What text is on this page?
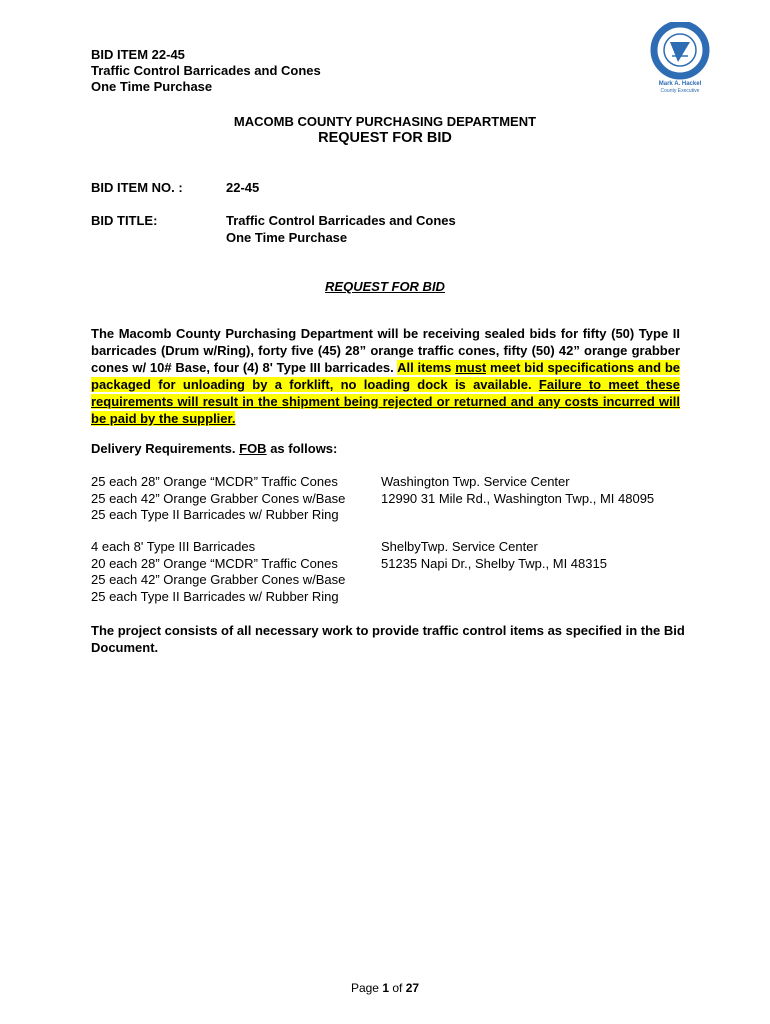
BID ITEM 22-45
Traffic Control Barricades and Cones
One Time Purchase	Mark A. Hackel
County Executive
MACOMB COUNTY PURCHASING DEPARTMENT
REQUEST FOR BID
BID ITEM NO. :	22-45
BID TITLE:	Traffic Control Barricades and Cones
One Time Purchase
REQUEST FOR BID
The Macomb County Purchasing Department will be receiving sealed bids for fifty (50) Type II barricades (Drum w/Ring), forty five (45) 28” orange traffic cones, fifty (50) 42” orange grabber cones w/ 10# Base, four (4) 8' Type III barricades. All items must meet bid specifications and be packaged for unloading by a forklift, no loading dock is available. Failure to meet these requirements will result in the shipment being rejected or returned and any costs incurred will be paid by the supplier.
Delivery Requirements. FOB as follows:
25 each 28” Orange “MCDR” Traffic Cones
25 each 42” Orange Grabber Cones w/Base
25 each Type II Barricades w/ Rubber Ring
Washington Twp. Service Center
12990 31 Mile Rd., Washington Twp., MI 48095
4 each 8' Type III Barricades
20 each 28” Orange “MCDR” Traffic Cones
25 each 42” Orange Grabber Cones w/Base
25 each Type II Barricades w/ Rubber Ring
ShelbyTwp. Service Center
51235 Napi Dr., Shelby Twp., MI 48315
The project consists of all necessary work to provide traffic control items as specified in the Bid Document.
Page 1 of 27
